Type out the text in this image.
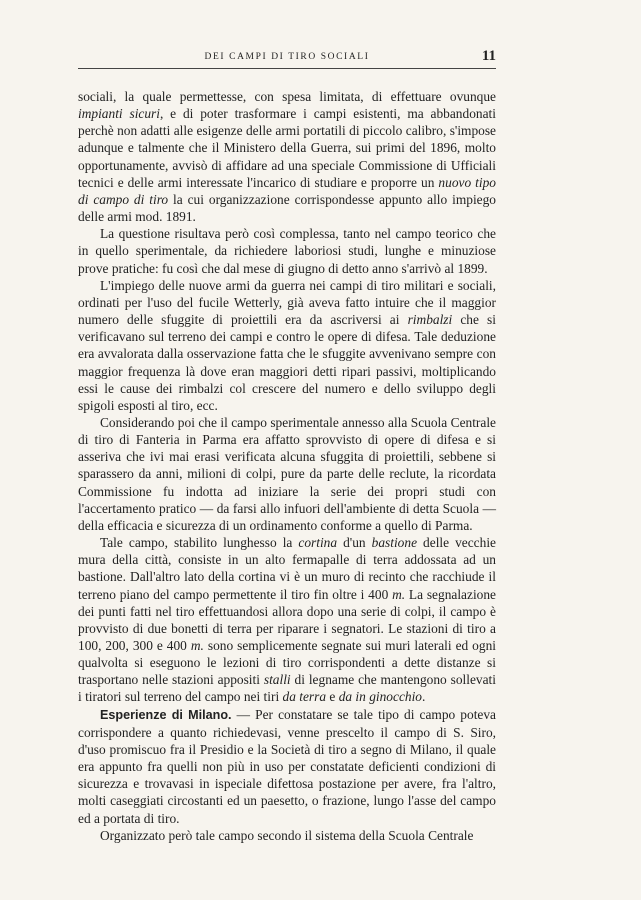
DEI CAMPI DI TIRO SOCIALI	11

sociali, la quale permettesse, con spesa limitata, di effettuare ovunque impianti sicuri, e di poter trasformare i campi esistenti, ma abbandonati perchè non adatti alle esigenze delle armi portatili di piccolo calibro, s'impose adunque e talmente che il Ministero della Guerra, sui primi del 1896, molto opportunamente, avvisò di affidare ad una speciale Commissione di Ufficiali tecnici e delle armi interessate l'incarico di studiare e proporre un nuovo tipo di campo di tiro la cui organizzazione corrispondesse appunto allo impiego delle armi mod. 1891.

La questione risultava però così complessa, tanto nel campo teorico che in quello sperimentale, da richiedere laboriosi studi, lunghe e minuziose prove pratiche: fu così che dal mese di giugno di detto anno s'arrivò al 1899.

L'impiego delle nuove armi da guerra nei campi di tiro militari e sociali, ordinati per l'uso del fucile Wetterly, già aveva fatto intuire che il maggior numero delle sfuggite di proiettili era da ascriversi ai rimbalzi che si verificavano sul terreno dei campi e contro le opere di difesa. Tale deduzione era avvalorata dalla osservazione fatta che le sfuggite avvenivano sempre con maggior frequenza là dove eran maggiori detti ripari passivi, moltiplicando essi le cause dei rimbalzi col crescere del numero e dello sviluppo degli spigoli esposti al tiro, ecc.

Considerando poi che il campo sperimentale annesso alla Scuola Centrale di tiro di Fanteria in Parma era affatto sprovvisto di opere di difesa e si asseriva che ivi mai erasi verificata alcuna sfuggita di proiettili, sebbene si sparassero da anni, milioni di colpi, pure da parte delle reclute, la ricordata Commissione fu indotta ad iniziare la serie dei propri studi con l'accertamento pratico — da farsi allo infuori dell'ambiente di detta Scuola — della efficacia e sicurezza di un ordinamento conforme a quello di Parma.

Tale campo, stabilito lunghesso la cortina d'un bastione delle vecchie mura della città, consiste in un alto fermapalle di terra addossata ad un bastione. Dall'altro lato della cortina vi è un muro di recinto che racchiude il terreno piano del campo permettente il tiro fin oltre i 400 m. La segnalazione dei punti fatti nel tiro effettuandosi allora dopo una serie di colpi, il campo è provvisto di due bonetti di terra per riparare i segnatori. Le stazioni di tiro a 100, 200, 300 e 400 m. sono semplicemente segnate sui muri laterali ed ogni qualvolta si eseguono le lezioni di tiro corrispondenti a dette distanze si trasportano nelle stazioni appositi stalli di legname che mantengono sollevati i tiratori sul terreno del campo nei tiri da terra e da in ginocchio.

Esperienze di Milano. — Per constatare se tale tipo di campo poteva corrispondere a quanto richiedevasi, venne prescelto il campo di S. Siro, d'uso promiscuo fra il Presidio e la Società di tiro a segno di Milano, il quale era appunto fra quelli non più in uso per constatate deficienti condizioni di sicurezza e trovavasi in ispeciale difettosa postazione per avere, fra l'altro, molti caseggiati circostanti ed un paesetto, o frazione, lungo l'asse del campo ed a portata di tiro.

Organizzato però tale campo secondo il sistema della Scuola Centrale
